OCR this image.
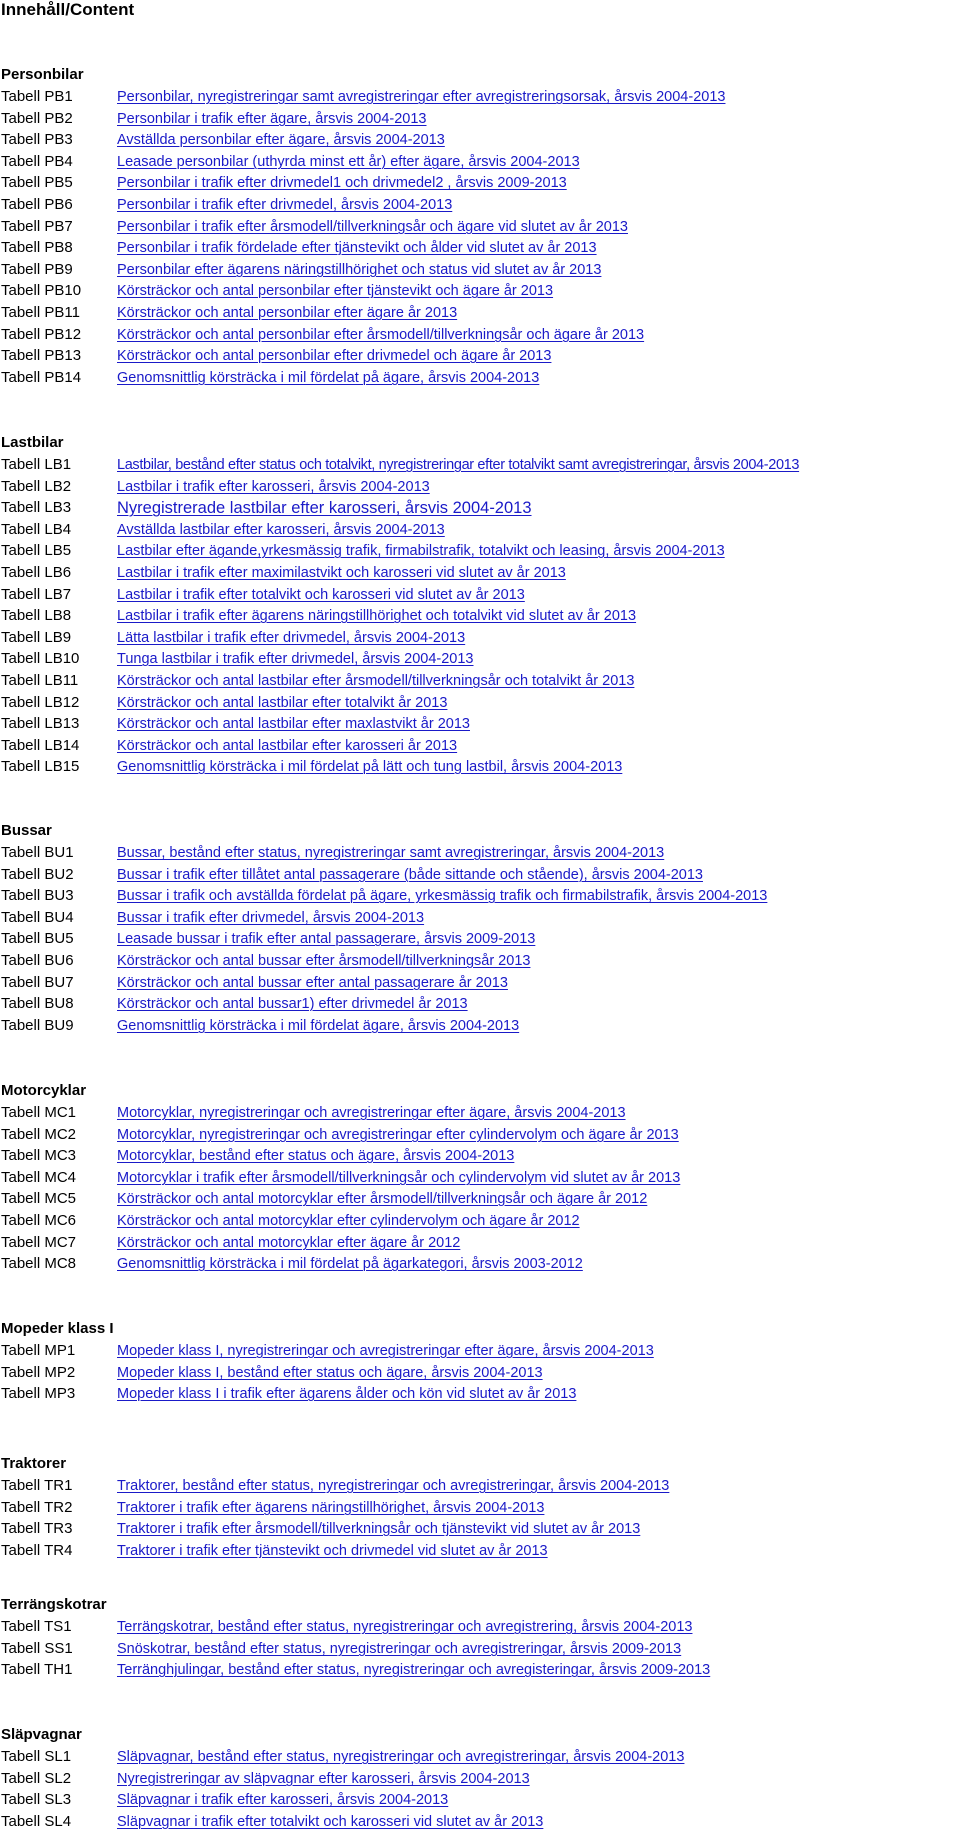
Innehåll/Content
Personbilar
Tabell PB1	Personbilar, nyregistreringar samt avregistreringar efter avregistreringsorsak, årsvis 2004-2013
Tabell PB2	Personbilar i trafik efter ägare, årsvis 2004-2013
Tabell PB3	Avställda personbilar efter ägare, årsvis 2004-2013
Tabell PB4	Leasade personbilar (uthyrda minst ett år) efter ägare, årsvis 2004-2013
Tabell PB5	Personbilar i trafik efter drivmedel1 och drivmedel2 , årsvis 2009-2013
Tabell PB6	Personbilar i trafik efter drivmedel, årsvis 2004-2013
Tabell PB7	Personbilar i trafik efter årsmodell/tillverkningsår och ägare vid slutet av år 2013
Tabell PB8	Personbilar i trafik fördelade efter tjänstevikt och ålder vid slutet av år 2013
Tabell PB9	Personbilar efter ägarens näringstillhörighet och status vid slutet av år 2013
Tabell PB10 Körsträckor och antal personbilar efter tjänstevikt och ägare år 2013
Tabell PB11	Körsträckor och antal personbilar efter ägare år 2013
Tabell PB12 Körsträckor och antal personbilar efter årsmodell/tillverkningsår och ägare år 2013
Tabell PB13 Körsträckor och antal personbilar efter drivmedel och ägare år 2013
Tabell PB14 Genomsnittlig körsträcka i mil fördelat på ägare, årsvis 2004-2013
Lastbilar
Tabell LB1	Lastbilar, bestånd efter status och totalvikt, nyregistreringar efter totalvikt samt avregistreringar, årsvis 2004-2013
Tabell LB2	Lastbilar i trafik efter karosseri, årsvis 2004-2013
Tabell LB3	Nyregistrerade lastbilar efter karosseri, årsvis 2004-2013
Tabell LB4	Avställda lastbilar efter karosseri, årsvis 2004-2013
Tabell LB5	Lastbilar efter ägande,yrkesmässig trafik, firmabilstrafik, totalvikt och leasing, årsvis 2004-2013
Tabell LB6	Lastbilar i trafik efter maximilastvikt och karosseri vid slutet av år 2013
Tabell LB7	Lastbilar i trafik efter totalvikt och karosseri vid slutet av år 2013
Tabell LB8	Lastbilar i trafik efter ägarens näringstillhörighet och totalvikt vid slutet av år 2013
Tabell LB9	Lätta lastbilar i trafik efter drivmedel, årsvis 2004-2013
Tabell LB10	Tunga lastbilar i trafik efter drivmedel, årsvis 2004-2013
Tabell LB11	Körsträckor och antal lastbilar efter årsmodell/tillverkningsår och totalvikt år 2013
Tabell LB12	Körsträckor och antal lastbilar efter totalvikt år 2013
Tabell LB13	Körsträckor och antal lastbilar efter maxlastvikt år 2013
Tabell LB14	Körsträckor och antal lastbilar efter karosseri år 2013
Tabell LB15	Genomsnittlig körsträcka i mil fördelat på lätt och tung lastbil, årsvis 2004-2013
Bussar
Tabell BU1	Bussar, bestånd efter status, nyregistreringar samt avregistreringar, årsvis 2004-2013
Tabell BU2	Bussar i trafik efter tillåtet antal passagerare (både sittande och stående), årsvis 2004-2013
Tabell BU3	Bussar i trafik och avställda fördelat på ägare, yrkesmässig trafik och firmabilstrafik, årsvis 2004-2013
Tabell BU4	Bussar i trafik efter drivmedel, årsvis 2004-2013
Tabell BU5	Leasade bussar i trafik efter antal passagerare, årsvis 2009-2013
Tabell BU6	Körsträckor och antal bussar efter årsmodell/tillverkningsår 2013
Tabell BU7	Körsträckor och antal bussar efter antal passagerare år 2013
Tabell BU8	Körsträckor och antal bussar1) efter drivmedel år 2013
Tabell BU9	Genomsnittlig körsträcka i mil fördelat ägare, årsvis 2004-2013
Motorcyklar
Tabell MC1	Motorcyklar, nyregistreringar och avregistreringar efter ägare, årsvis 2004‑2013
Tabell MC2	Motorcyklar, nyregistreringar och avregistreringar efter cylindervolym och ägare år 2013
Tabell MC3	Motorcyklar, bestånd efter status och ägare, årsvis 2004-2013
Tabell MC4	Motorcyklar i trafik efter årsmodell/tillverkningsår och cylindervolym vid slutet av år 2013
Tabell MC5	Körsträckor och antal motorcyklar efter årsmodell/tillverkningsår och ägare år 2012
Tabell MC6	Körsträckor och antal motorcyklar efter cylindervolym och ägare år 2012
Tabell MC7	Körsträckor och antal motorcyklar efter ägare år 2012
Tabell MC8	Genomsnittlig körsträcka i mil fördelat på ägarkategori, årsvis 2003‑2012
Mopeder klass I
Tabell MP1	Mopeder klass I, nyregistreringar och avregistreringar efter ägare, årsvis 2004-2013
Tabell MP2	Mopeder klass I, bestånd efter status och ägare, årsvis 2004-2013
Tabell MP3	Mopeder klass I i trafik efter ägarens ålder och kön vid slutet av år 2013
Traktorer
Tabell TR1	Traktorer, bestånd efter status, nyregistreringar och avregistreringar, årsvis 2004-2013
Tabell TR2	Traktorer i trafik efter ägarens näringstillhörighet, årsvis 2004-2013
Tabell TR3	Traktorer i trafik efter årsmodell/tillverkningsår och tjänstevikt vid slutet av år 2013
Tabell TR4	Traktorer i trafik efter tjänstevikt och drivmedel vid slutet av år 2013
Terrängskotrar
Tabell TS1	Terrängskotrar, bestånd efter status, nyregistreringar och avregistrering, årsvis 2004-2013
Tabell SS1	Snöskotrar, bestånd efter status, nyregistreringar och avregistreringar, årsvis 2009-2013
Tabell TH1	Terränghjulingar, bestånd efter status, nyregistreringar och avregisteringar, årsvis 2009-2013
Släpvagnar
Tabell SL1	Släpvagnar, bestånd efter status, nyregistreringar och avregistreringar, årsvis 2004-2013
Tabell SL2	Nyregistreringar av släpvagnar efter karosseri, årsvis 2004-2013
Tabell SL3	Släpvagnar i trafik efter karosseri, årsvis 2004-2013
Tabell SL4	Släpvagnar i trafik efter totalvikt och karosseri vid slutet av år 2013
